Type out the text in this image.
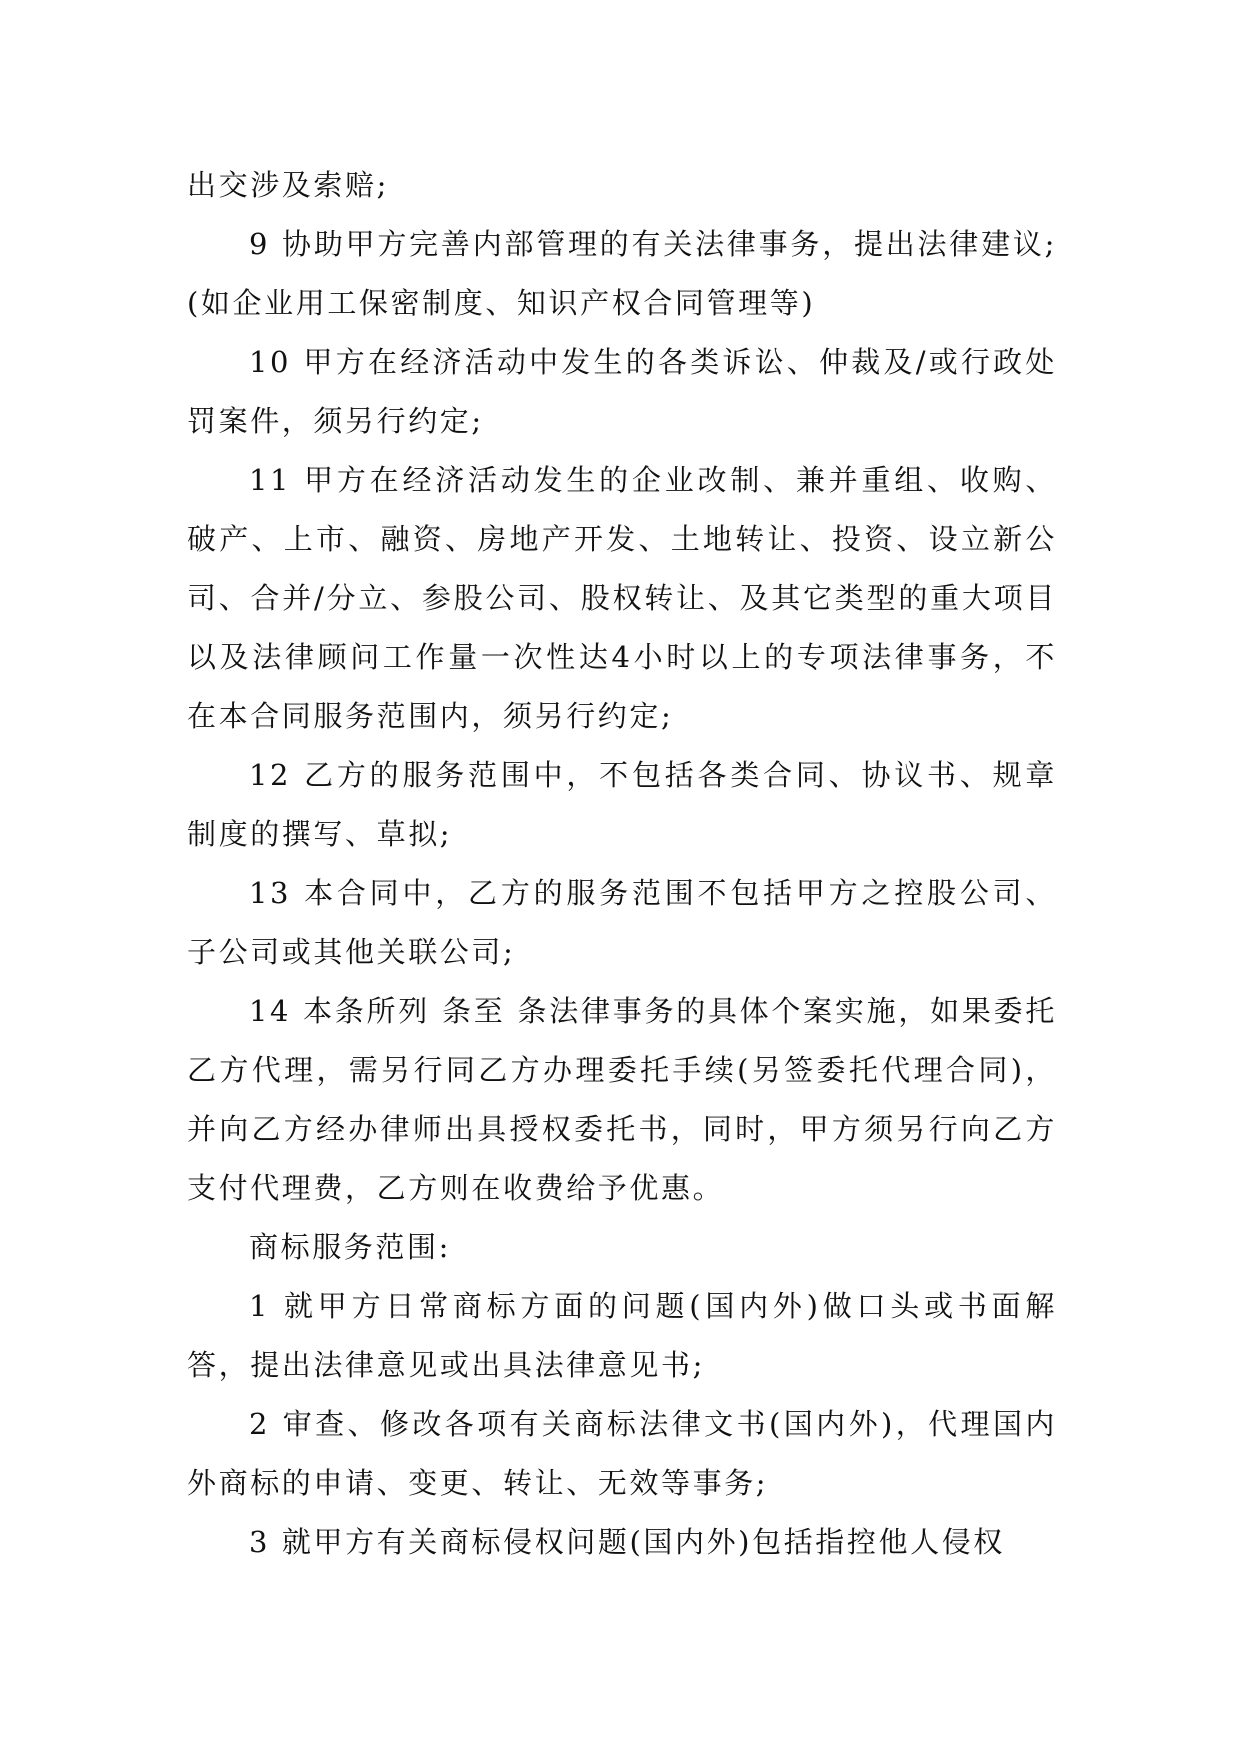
出交涉及索赔;

9 协助甲方完善内部管理的有关法律事务，提出法律建议;(如企业用工保密制度、知识产权合同管理等)

10 甲方在经济活动中发生的各类诉讼、仲裁及/或行政处罚案件，须另行约定;

11 甲方在经济活动发生的企业改制、兼并重组、收购、破产、上市、融资、房地产开发、土地转让、投资、设立新公司、合并/分立、参股公司、股权转让、及其它类型的重大项目以及法律顾问工作量一次性达4小时以上的专项法律事务，不在本合同服务范围内，须另行约定;

12 乙方的服务范围中，不包括各类合同、协议书、规章制度的撰写、草拟;

13 本合同中，乙方的服务范围不包括甲方之控股公司、子公司或其他关联公司;

14 本条所列 条至 条法律事务的具体个案实施，如果委托乙方代理，需另行同乙方办理委托手续(另签委托代理合同)，并向乙方经办律师出具授权委托书，同时，甲方须另行向乙方支付代理费，乙方则在收费给予优惠。

商标服务范围:

1 就甲方日常商标方面的问题(国内外)做口头或书面解答，提出法律意见或出具法律意见书;

2 审查、修改各项有关商标法律文书(国内外)，代理国内外商标的申请、变更、转让、无效等事务;

3 就甲方有关商标侵权问题(国内外)包括指控他人侵权
